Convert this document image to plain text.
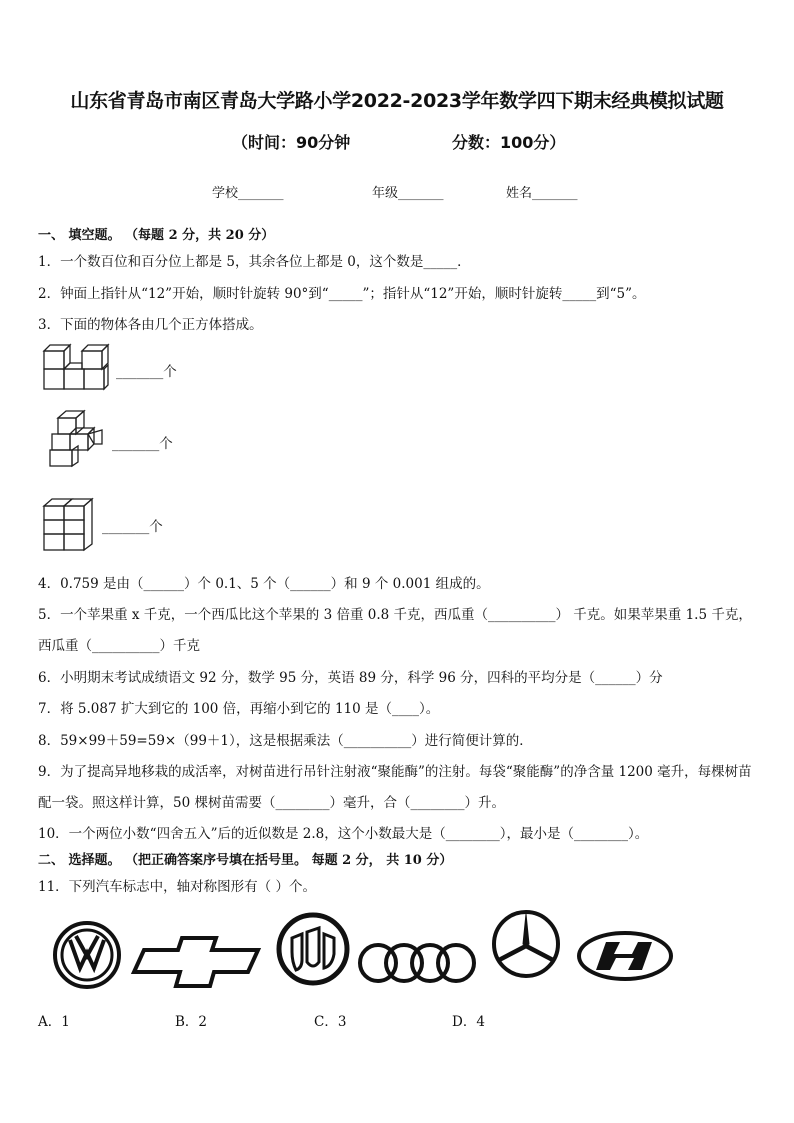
山东省青岛市南区青岛大学路小学2022-2023学年数学四下期末经典模拟试题
（时间：90分钟	分数：100分）
学校_______	年级_______	姓名_______
一、 填空题。 （每题 2 分，共 20 分）
1．一个数百位和百分位上都是 5，其余各位上都是 0，这个数是_____．
2．钟面上指针从“12”开始，顺时针旋转 90°到“_____”；指针从“12”开始，顺时针旋转_____到“5”。
3．下面的物体各由几个正方体搭成。
_______个
_______个
_______个
4．0.759 是由（______）个 0.1、5 个（______）和 9 个 0.001 组成的。
5．一个苹果重 x 千克，一个西瓜比这个苹果的 3 倍重 0.8 千克，西瓜重（__________） 千克。如果苹果重 1.5 千克，
西瓜重（__________）千克
6．小明期末考试成绩语文 92 分，数学 95 分，英语 89 分，科学 96 分，四科的平均分是（______）分
7．将 5.087 扩大到它的 100 倍，再缩小到它的 110 是（____）。
8．59×99＋59=59×（99＋1），这是根据乘法（__________）进行简便计算的．
9．为了提高异地移栽的成活率，对树苗进行吊针注射液“聚能酶”的注射。每袋“聚能酶”的净含量 1200 毫升，每棵树苗
配一袋。照这样计算，50 棵树苗需要（________）毫升，合（________）升。
10．一个两位小数“四舍五入”后的近似数是 2.8，这个小数最大是（________），最小是（________）。
二、 选择题。 （把正确答案序号填在括号里。 每题 2 分， 共 10 分）
11．下列汽车标志中，轴对称图形有（ ）个。
A．1	B．2	C．3	D．4
